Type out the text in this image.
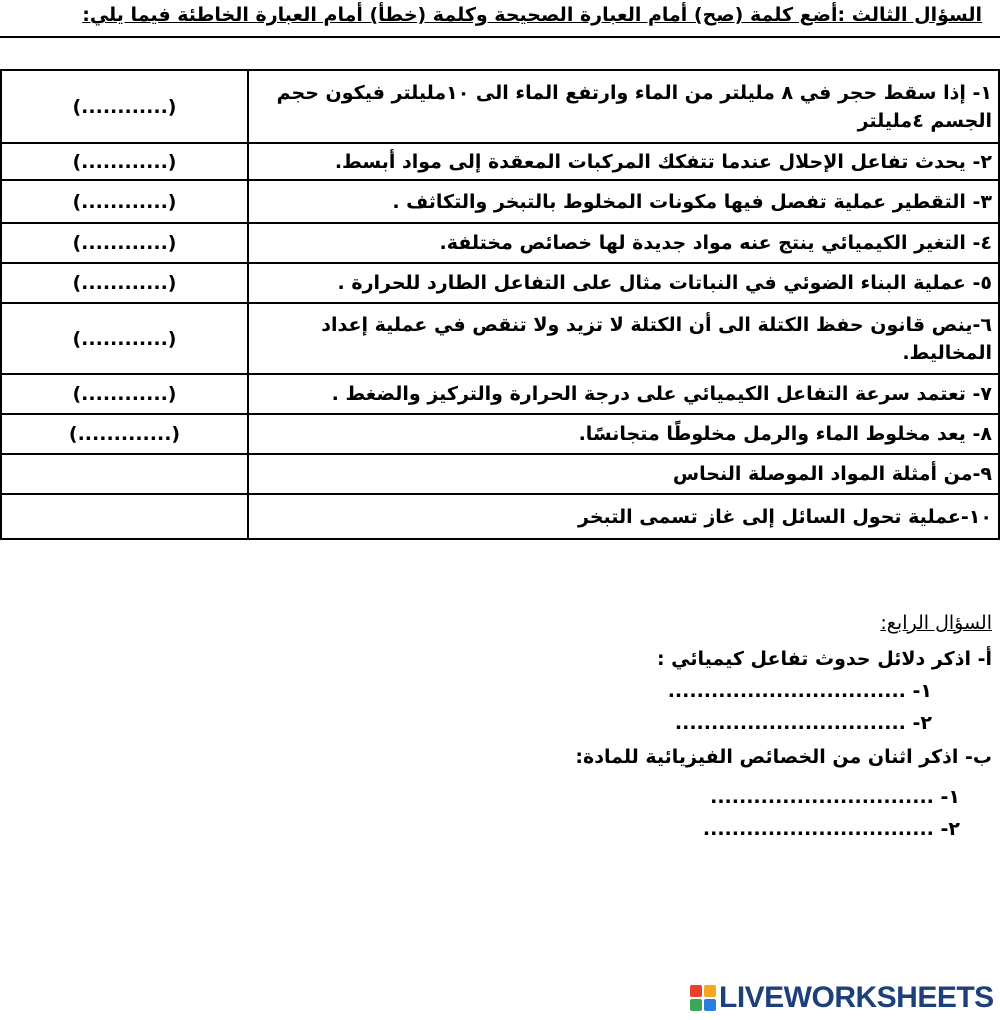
السؤال الثالث :أضع كلمة (صح) أمام العبارة الصحيحة وكلمة (خطأ) أمام العبارة الخاطئة فيما يلي:
(............)	١- إذا سقط حجر في ٨ مليلتر من الماء وارتفع الماء الى ١٠مليلتر فيكون حجم الجسم ٤مليلتر
(............)	٢- يحدث تفاعل الإحلال عندما تتفكك المركبات المعقدة إلى مواد أبسط.
(............)	٣- التقطير عملية تفصل فيها مكونات المخلوط بالتبخر والتكاثف .
(............)	٤- التغير الكيميائي ينتج عنه مواد جديدة لها خصائص مختلفة.
(............)	٥- عملية البناء الضوئي في النباتات مثال على التفاعل الطارد للحرارة .
(............)	٦-ينص قانون حفظ الكتلة الى أن الكتلة لا تزيد ولا تنقص في عملية إعداد المخاليط.
(............)	٧- تعتمد سرعة التفاعل الكيميائي على درجة الحرارة والتركيز والضغط .
(.............)	٨- يعد مخلوط الماء والرمل مخلوطًا متجانسًا.
	٩-من أمثلة المواد الموصلة النحاس
	١٠-عملية تحول السائل إلى غاز تسمى التبخر
السؤال الرابع:
أ- اذكر دلائل حدوث تفاعل كيميائي :
١- .................................
٢- ................................
ب- اذكر اثنان من الخصائص الفيزيائية للمادة:
١- ...............................
٢- ................................
LIVEWORKSHEETS
